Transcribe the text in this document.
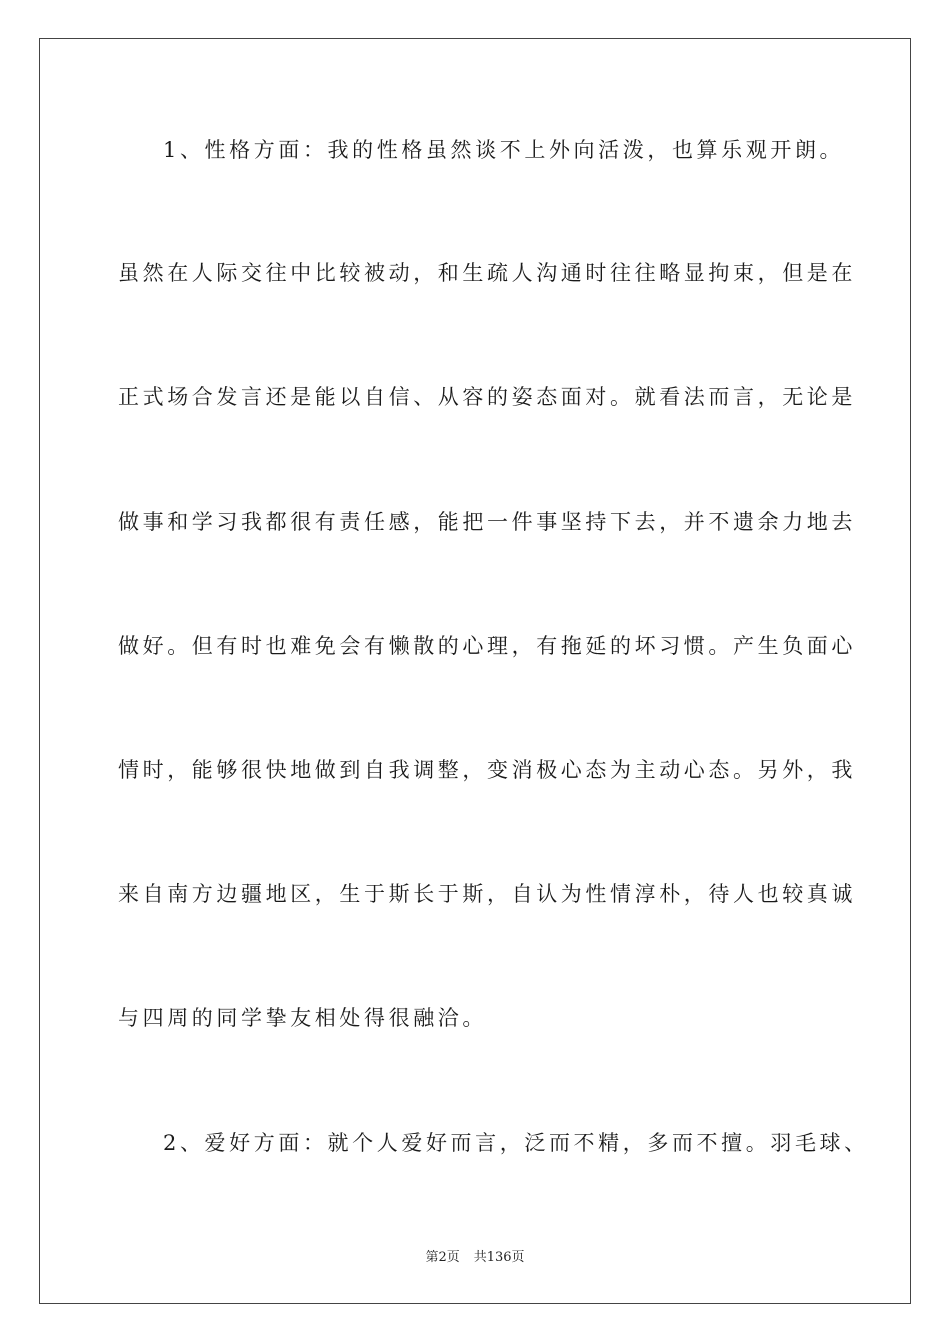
1、性格方面：我的性格虽然谈不上外向活泼，也算乐观开朗。
虽然在人际交往中比较被动，和生疏人沟通时往往略显拘束，但是在
正式场合发言还是能以自信、从容的姿态面对。就看法而言，无论是
做事和学习我都很有责任感，能把一件事坚持下去，并不遗余力地去
做好。但有时也难免会有懒散的心理，有拖延的坏习惯。产生负面心
情时，能够很快地做到自我调整，变消极心态为主动心态。另外，我
来自南方边疆地区，生于斯长于斯，自认为性情淳朴，待人也较真诚
与四周的同学挚友相处得很融洽。
2、爱好方面：就个人爱好而言，泛而不精，多而不擅。羽毛球、
第2页 共136页
